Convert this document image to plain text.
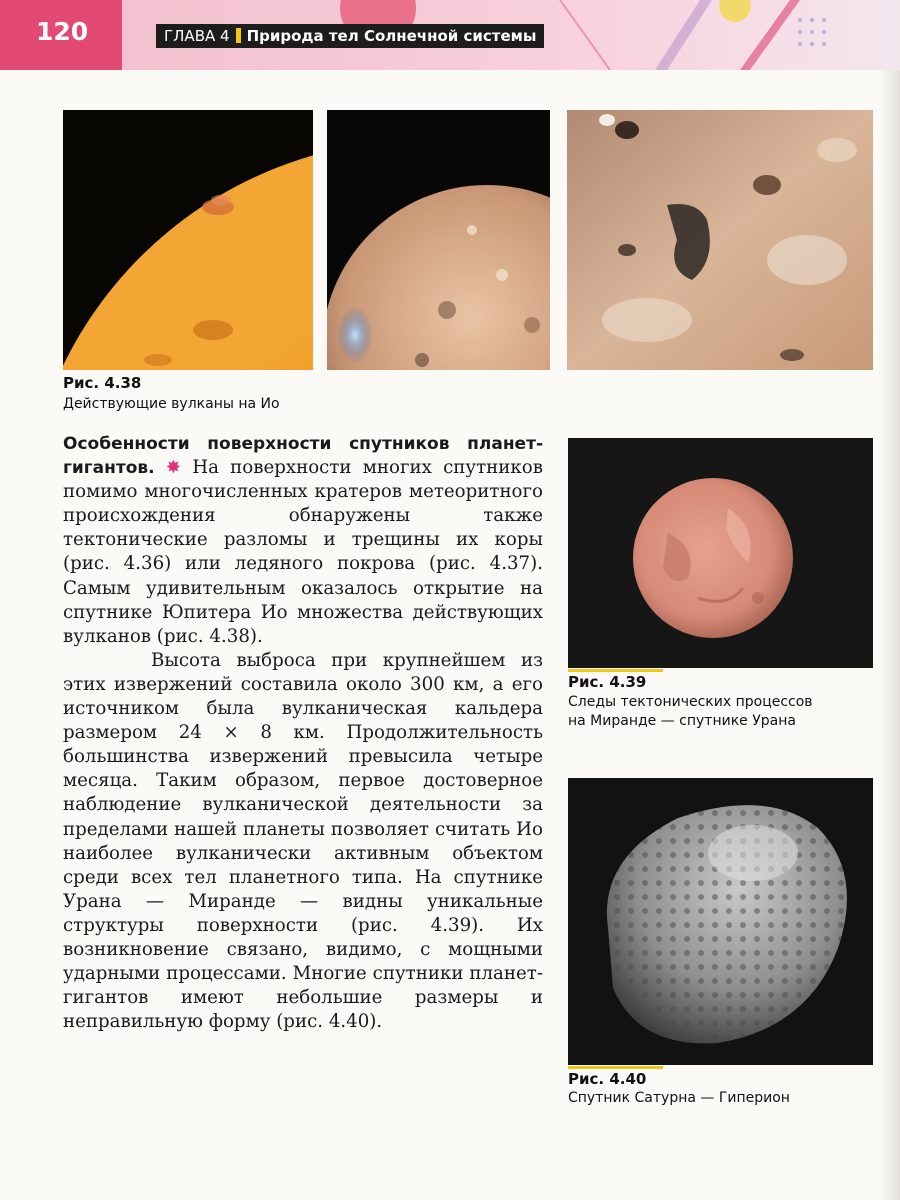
120	ГЛАВА 4 Природа тел Солнечной системы
Рис. 4.38
Действующие вулканы на Ио
Рис. 4.39
Следы тектонических процессов
на Миранде — спутнике Урана
Рис. 4.40
Спутник Сатурна — Гиперион

Особенности поверхности спутников планет-гигантов. ✸ На поверхности многих спутников помимо многочисленных кратеров метеоритного происхождения обнаружены также тектонические разломы и трещины их коры (рис. 4.36) или ледяного покрова (рис. 4.37). Самым удивительным оказалось открытие на спутнике Юпитера Ио множества действующих вулканов (рис. 4.38).

Высота выброса при крупнейшем из этих извержений составила около 300 км, а его источником была вулканическая кальдера размером 24 × 8 км. Продолжительность большинства извержений превысила четыре месяца. Таким образом, первое достоверное наблюдение вулканической деятельности за пределами нашей планеты позволяет считать Ио наиболее вулканически активным объектом среди всех тел планетного типа. На спутнике Урана — Миранде — видны уникальные структуры поверхности (рис. 4.39). Их возникновение связано, видимо, с мощными ударными процессами. Многие спутники планет-гигантов имеют небольшие размеры и неправильную форму (рис. 4.40).
